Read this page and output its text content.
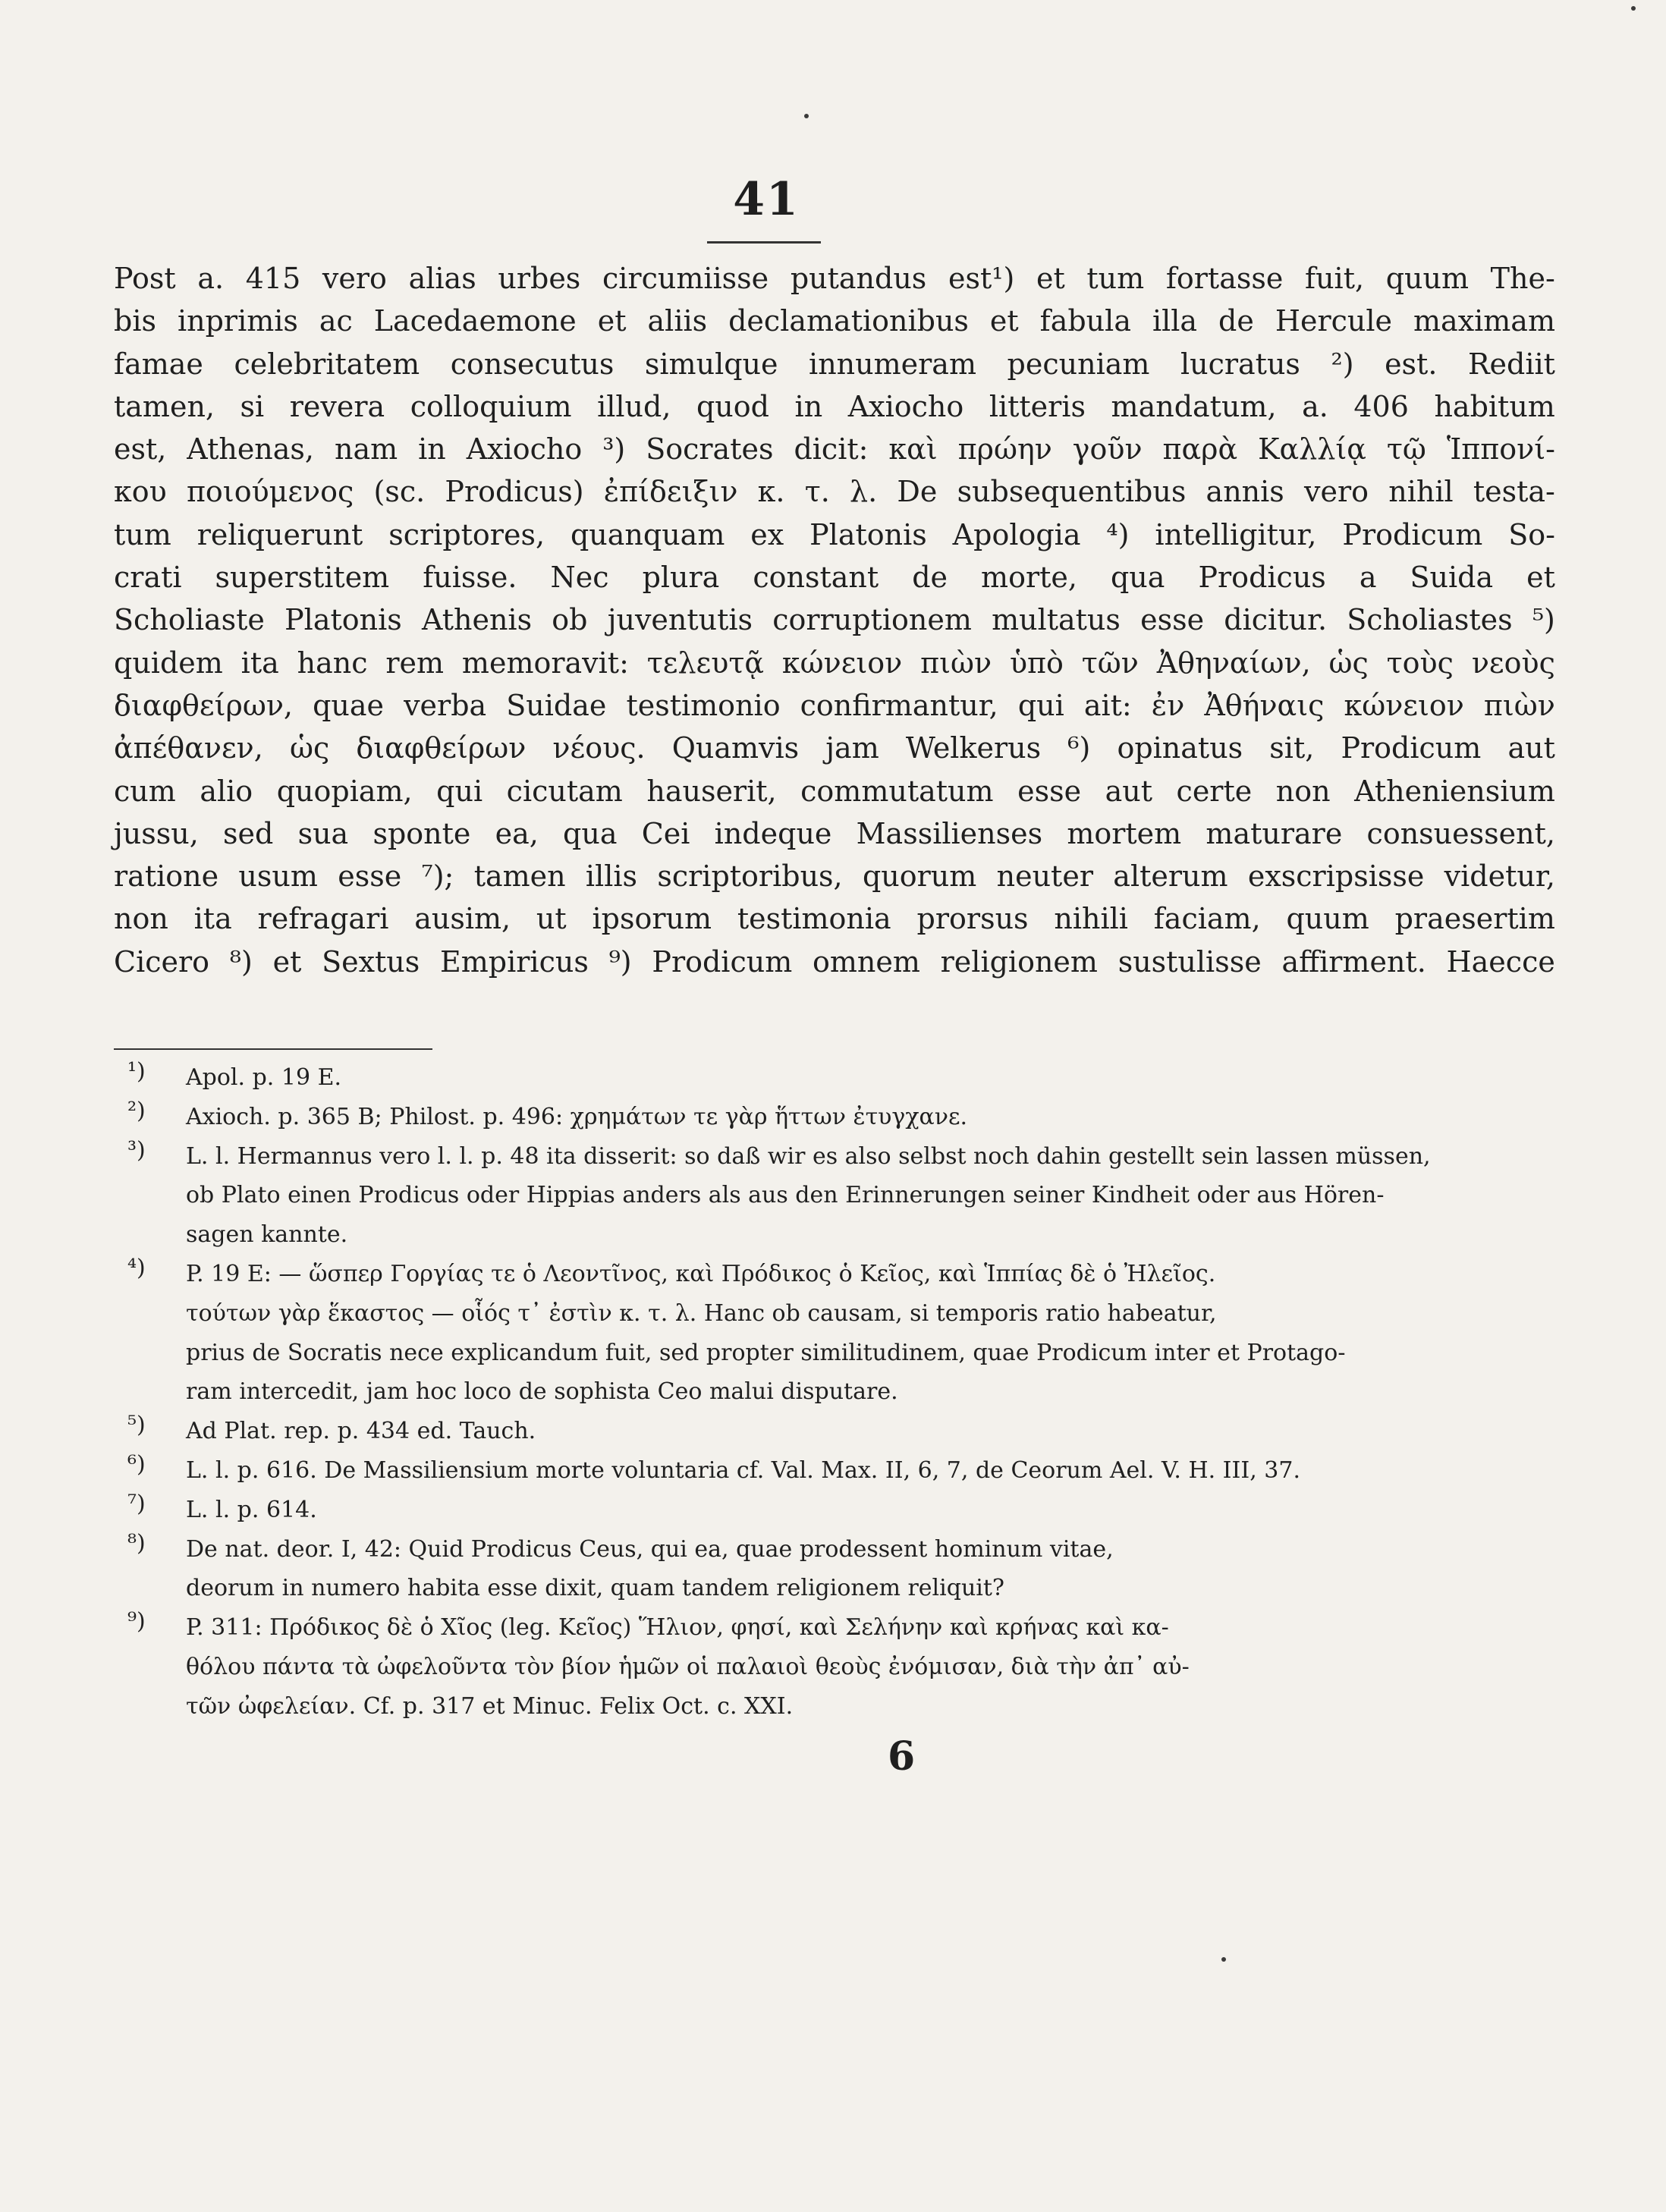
41
Post a. 415 vero alias urbes circumiisse putandus est¹) et tum fortasse fuit, quum The-
bis inprimis ac Lacedaemone et aliis declamationibus et fabula illa de Hercule maximam
famae celebritatem consecutus simulque innumeram pecuniam lucratus ²) est. Rediit
tamen, si revera colloquium illud, quod in Axiocho litteris mandatum, a. 406 habitum
est, Athenas, nam in Axiocho ³) Socrates dicit: καὶ πρώην γοῦν παρὰ Καλλίᾳ τῷ Ἱππονί-
κου ποιούμενος (sc. Prodicus) ἐπίδειξιν κ. τ. λ. De subsequentibus annis vero nihil testa-
tum reliquerunt scriptores, quanquam ex Platonis Apologia ⁴) intelligitur, Prodicum So-
crati superstitem fuisse. Nec plura constant de morte, qua Prodicus a Suida et
Scholiaste Platonis Athenis ob juventutis corruptionem multatus esse dicitur. Scholiastes ⁵)
quidem ita hanc rem memoravit: τελευτᾷ κώνειον πιὼν ὑπὸ τῶν Ἀθηναίων, ὡς τοὺς νεοὺς
διαφθείρων, quae verba Suidae testimonio confirmantur, qui ait: ἐν Ἀθήναις κώνειον πιὼν
ἀπέθανεν, ὡς διαφθείρων νέους. Quamvis jam Welkerus ⁶) opinatus sit, Prodicum aut
cum alio quopiam, qui cicutam hauserit, commutatum esse aut certe non Atheniensium
jussu, sed sua sponte ea, qua Cei indeque Massilienses mortem maturare consuessent,
ratione usum esse ⁷); tamen illis scriptoribus, quorum neuter alterum exscripsisse videtur,
non ita refragari ausim, ut ipsorum testimonia prorsus nihili faciam, quum praesertim
Cicero ⁸) et Sextus Empiricus ⁹) Prodicum omnem religionem sustulisse affirment. Haecce
¹) Apol. p. 19 E.
²) Axioch. p. 365 B; Philost. p. 496: χρημάτων τε γὰρ ἥττων ἐτυγχανε.
³) L. l. Hermannus vero l. l. p. 48 ita disserit: so daß wir es also selbst noch dahin gestellt sein lassen müssen,
ob Plato einen Prodicus oder Hippias anders als aus den Erinnerungen seiner Kindheit oder aus Hören-
sagen kannte.
⁴) P. 19 E: — ὥσπερ Γοργίας τε ὁ Λεοντῖνος, καὶ Πρόδικος ὁ Κεῖος, καὶ Ἱππίας δὲ ὁ Ἠλεῖος.
τούτων γὰρ ἕκαστος — οἷός τ᾽ ἐστὶν κ. τ. λ. Hanc ob causam, si temporis ratio habeatur,
prius de Socratis nece explicandum fuit, sed propter similitudinem, quae Prodicum inter et Protago-
ram intercedit, jam hoc loco de sophista Ceo malui disputare.
⁵) Ad Plat. rep. p. 434 ed. Tauch.
⁶) L. l. p. 616. De Massiliensium morte voluntaria cf. Val. Max. II, 6, 7, de Ceorum Ael. V. H. III, 37.
⁷) L. l. p. 614.
⁸) De nat. deor. I, 42: Quid Prodicus Ceus, qui ea, quae prodessent hominum vitae,
deorum in numero habita esse dixit, quam tandem religionem reliquit?
⁹) P. 311: Πρόδικος δὲ ὁ Χῖος (leg. Κεῖος) Ἥλιον, φησί, καὶ Σελήνην καὶ κρήνας καὶ κα-
θόλου πάντα τὰ ὠφελοῦντα τὸν βίον ἡμῶν οἱ παλαιοὶ θεοὺς ἐνόμισαν, διὰ τὴν ἀπ᾽ αὐ-
τῶν ὠφελείαν. Cf. p. 317 et Minuc. Felix Oct. c. XXI.
6
